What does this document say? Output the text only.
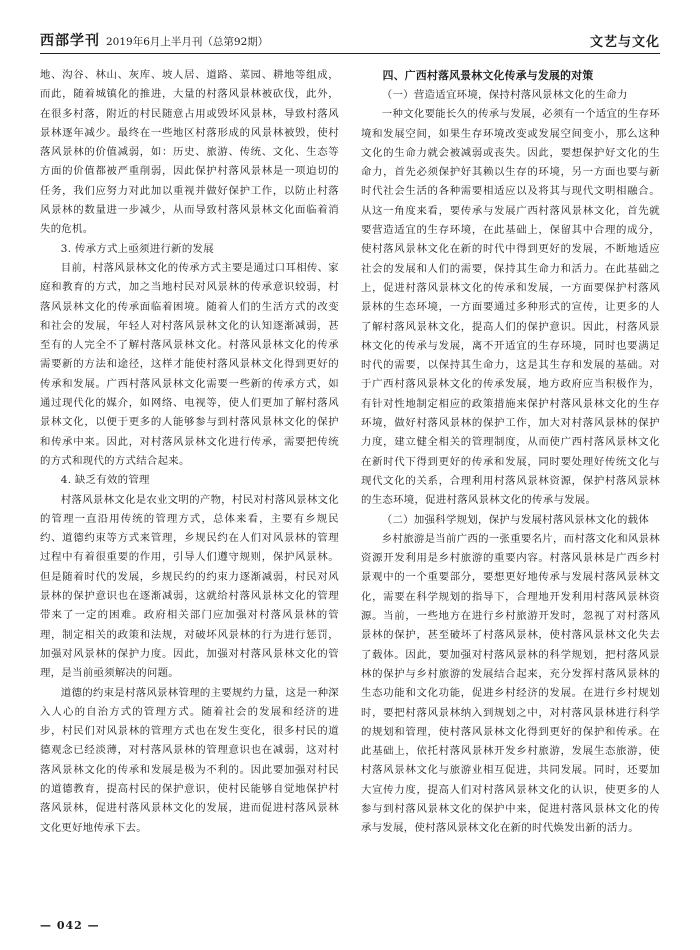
西部学刊 2019年6月上半月刊（总第92期）	文艺与文化

地、沟谷、林山、灰库、坡人居、道路、菜园、耕地等组成，而此，随着城镇化的推进，大量的村落风景林被砍伐，此外，在很多村落，附近的村民随意占用或毁坏风景林，导致村落风景林逐年减少。最终在一些地区村落形成的风景林被毁，使村落风景林的价值减弱，如：历史、旅游、传统、文化、生态等方面的价值都被严重削弱，因此保护村落风景林是一项迫切的任务，我们应努力对此加以重视并做好保护工作，以防止村落风景林的数量进一步减少，从而导致村落风景林文化面临着消失的危机。

3. 传承方式上亟须进行新的发展

目前，村落风景林文化的传承方式主要是通过口耳相传、家庭和教育的方式，加之当地村民对风景林的传承意识较弱，村落风景林文化的传承面临着困境。随着人们的生活方式的改变和社会的发展，年轻人对村落风景林文化的认知逐渐减弱，甚至有的人完全不了解村落风景林文化。村落风景林文化的传承需要新的方法和途径，这样才能使村落风景林文化得到更好的传承和发展。广西村落风景林文化需要一些新的传承方式，如通过现代化的媒介，如网络、电视等，使人们更加了解村落风景林文化，以便于更多的人能够参与到村落风景林文化的保护和传承中来。因此，对村落风景林文化进行传承，需要把传统的方式和现代的方式结合起来。

4. 缺乏有效的管理

村落风景林文化是农业文明的产物，村民对村落风景林文化的管理一直沿用传统的管理方式，总体来看，主要有乡规民约、道德约束等方式来管理，乡规民约在人们对风景林的管理过程中有着很重要的作用，引导人们遵守规则，保护风景林。但是随着时代的发展，乡规民约的约束力逐渐减弱，村民对风景林的保护意识也在逐渐减弱，这就给村落风景林文化的管理带来了一定的困难。政府相关部门应加强对村落风景林的管理，制定相关的政策和法规，对破坏风景林的行为进行惩罚，加强对风景林的保护力度。因此，加强对村落风景林文化的管理，是当前亟须解决的问题。

道德的约束是村落风景林管理的主要规约力量，这是一种深入人心的自治方式的管理方式。随着社会的发展和经济的进步，村民们对风景林的管理方式也在发生变化，很多村民的道德观念已经淡薄，对村落风景林的管理意识也在减弱，这对村落风景林文化的传承和发展是极为不利的。因此要加强对村民的道德教育，提高村民的保护意识，使村民能够自觉地保护村落风景林，促进村落风景林文化的发展，进而促进村落风景林文化更好地传承下去。

四、广西村落风景林文化传承与发展的对策
（一）营造适宜环境，保持村落风景林文化的生命力

一种文化要能长久的传承与发展，必须有一个适宜的生存环境和发展空间，如果生存环境改变或发展空间变小，那么这种文化的生命力就会被减弱或丧失。因此，要想保护好文化的生命力，首先必须保护好其赖以生存的环境，另一方面也要与新时代社会生活的各种需要相适应以及将其与现代文明相融合。从这一角度来看，要传承与发展广西村落风景林文化，首先就要营造适宜的生存环境，在此基础上，保留其中合理的成分，使村落风景林文化在新的时代中得到更好的发展，不断地适应社会的发展和人们的需要，保持其生命力和活力。在此基础之上，促进村落风景林文化的传承和发展，一方面要保护村落风景林的生态环境，一方面要通过多种形式的宣传，让更多的人了解村落风景林文化，提高人们的保护意识。因此，村落风景林文化的传承与发展，离不开适宜的生存环境，同时也要满足时代的需要，以保持其生命力，这是其生存和发展的基础。对于广西村落风景林文化的传承发展，地方政府应当积极作为，有针对性地制定相应的政策措施来保护村落风景林文化的生存环境，做好村落风景林的保护工作，加大对村落风景林的保护力度，建立健全相关的管理制度，从而使广西村落风景林文化在新时代下得到更好的传承和发展，同时要处理好传统文化与现代文化的关系，合理利用村落风景林资源，保护村落风景林的生态环境，促进村落风景林文化的传承与发展。

（二）加强科学规划，保护与发展村落风景林文化的载体

乡村旅游是当前广西的一张重要名片，而村落文化和风景林资源开发利用是乡村旅游的重要内容。村落风景林是广西乡村景观中的一个重要部分，要想更好地传承与发展村落风景林文化，需要在科学规划的指导下，合理地开发利用村落风景林资源。当前，一些地方在进行乡村旅游开发时，忽视了对村落风景林的保护，甚至破坏了村落风景林，使村落风景林文化失去了载体。因此，要加强对村落风景林的科学规划，把村落风景林的保护与乡村旅游的发展结合起来，充分发挥村落风景林的生态功能和文化功能，促进乡村经济的发展。在进行乡村规划时，要把村落风景林纳入到规划之中，对村落风景林进行科学的规划和管理，使村落风景林文化得到更好的保护和传承。在此基础上，依托村落风景林开发乡村旅游，发展生态旅游，使村落风景林文化与旅游业相互促进，共同发展。同时，还要加大宣传力度，提高人们对村落风景林文化的认识，使更多的人参与到村落风景林文化的保护中来，促进村落风景林文化的传承与发展，使村落风景林文化在新的时代焕发出新的活力。

— 042 —
